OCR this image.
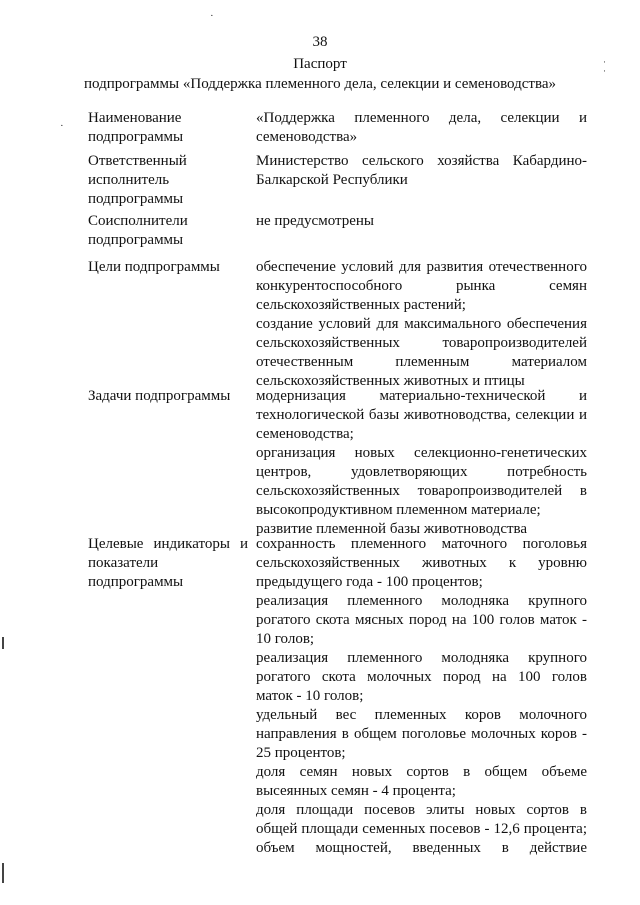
·
·
·
·
38
Паспорт
подпрограммы «Поддержка племенного дела, селекции и семеноводства»
Наименование подпрограммы
«Поддержка племенного дела, селекции и
семеноводства»
Ответственный исполнитель подпрограммы
Министерство сельского хозяйства Кабардино-
Балкарской Республики
Соисполнители подпрограммы
не предусмотрены
Цели подпрограммы	обеспечение условий для развития отечественного
конкурентоспособного рынка семян
сельскохозяйственных растений;
создание условий для максимального обеспечения
сельскохозяйственных товаропроизводителей
отечественным племенным материалом
сельскохозяйственных животных и птицы
Задачи подпрограммы	модернизация материально-технической и
технологической базы животноводства, селекции и
семеноводства;
организация новых селекционно-генетических
центров, удовлетворяющих потребность
сельскохозяйственных товаропроизводителей в
высокопродуктивном племенном материале;
развитие племенной базы животноводства
Целевые индикаторы и показатели подпрограммы
сохранность племенного маточного поголовья
сельскохозяйственных животных к уровню
предыдущего года - 100 процентов;
реализация племенного молодняка крупного
рогатого скота мясных пород на 100 голов маток -
10 голов;
реализация племенного молодняка крупного
рогатого скота молочных пород на 100 голов
маток - 10 голов;
удельный вес племенных коров молочного
направления в общем поголовье молочных коров -
25 процентов;
доля семян новых сортов в общем объеме
высеянных семян - 4 процента;
доля площади посевов элиты новых сортов в
общей площади семенных посевов - 12,6 процента;
объем мощностей, введенных в действие
